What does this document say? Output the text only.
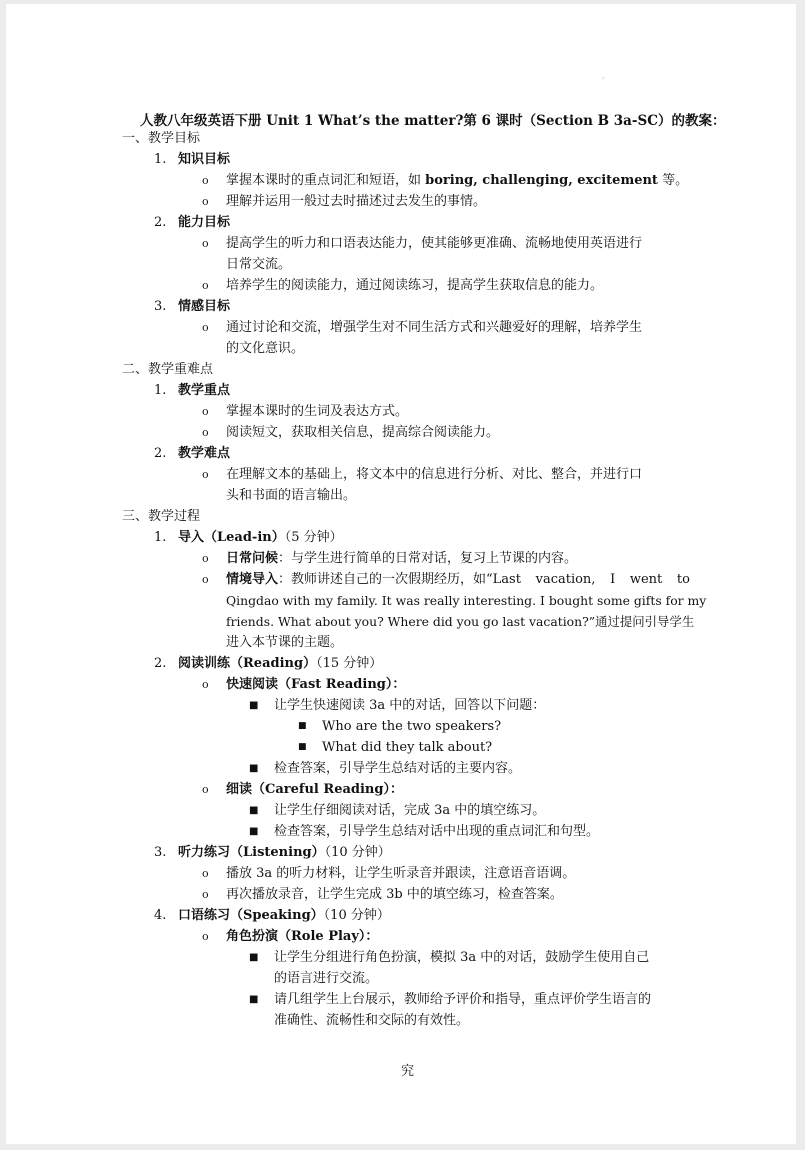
'
人教八年级英语下册 Unit 1 What’s the matter?第 6 课时（Section B 3a-SC）的教案：
一、教学目标
1. 知识目标
o 掌握本课时的重点词汇和短语，如 boring, challenging, excitement 等。
o 理解并运用一般过去时描述过去发生的事情。
2. 能力目标
o 提高学生的听力和口语表达能力，使其能够更准确、流畅地使用英语进行
日常交流。
o 培养学生的阅读能力，通过阅读练习，提高学生获取信息的能力。
3. 情感目标
o 通过讨论和交流，增强学生对不同生活方式和兴趣爱好的理解，培养学生
的文化意识。
二、教学重难点
1. 教学重点
o 掌握本课时的生词及表达方式。
o 阅读短文，获取相关信息，提高综合阅读能力。
2. 教学难点
o 在理解文本的基础上，将文本中的信息进行分析、对比、整合，并进行口
头和书面的语言输出。
三、教学过程
1. 导入（Lead-in）（5 分钟）
o 日常问候：与学生进行简单的日常对话，复习上节课的内容。
o 情境导入：教师讲述自己的一次假期经历，如“Last vacation, I went to
Qingdao with my family. It was really interesting. I bought some gifts for my
friends. What about you? Where did you go last vacation?”通过提问引导学生
进入本节课的主题。
2. 阅读训练（Reading）（15 分钟）
o 快速阅读（Fast Reading）：
■ 让学生快速阅读 3a 中的对话，回答以下问题：
■ Who are the two speakers?
■ What did they talk about?
■ 检查答案，引导学生总结对话的主要内容。
o 细读（Careful Reading）：
■ 让学生仔细阅读对话，完成 3a 中的填空练习。
■ 检查答案，引导学生总结对话中出现的重点词汇和句型。
3. 听力练习（Listening）（10 分钟）
o 播放 3a 的听力材料，让学生听录音并跟读，注意语音语调。
o 再次播放录音，让学生完成 3b 中的填空练习，检查答案。
4. 口语练习（Speaking）（10 分钟）
o 角色扮演（Role Play）：
■ 让学生分组进行角色扮演，模拟 3a 中的对话，鼓励学生使用自己
的语言进行交流。
■ 请几组学生上台展示，教师给予评价和指导，重点评价学生语言的
准确性、流畅性和交际的有效性。
究
